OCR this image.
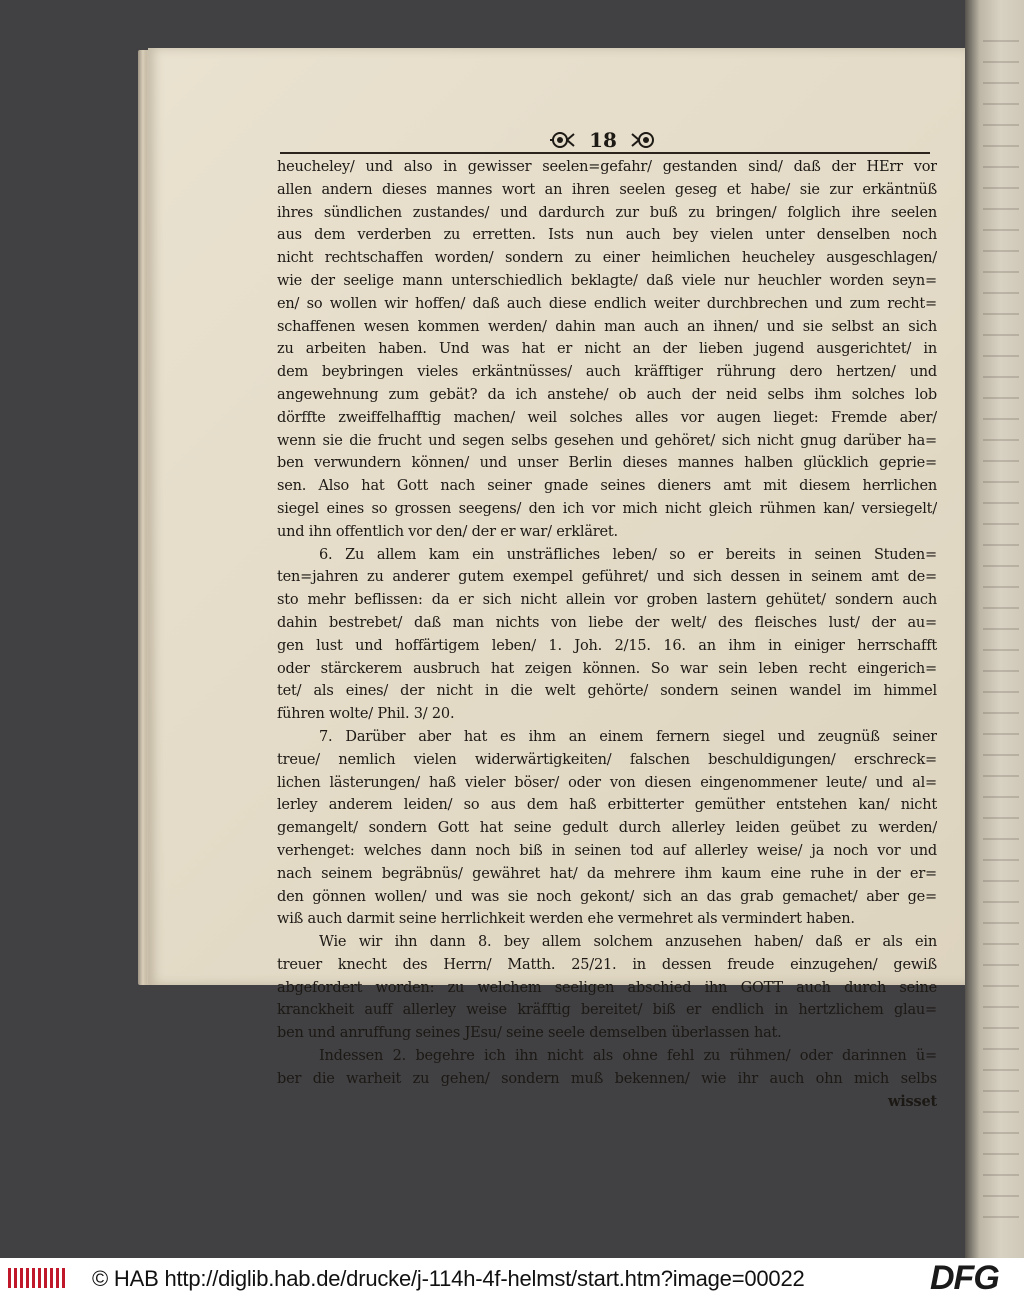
18
heucheley/ und also in gewisser seelen=gefahr/ gestanden sind/ daß der HErr vor
allen andern dieses mannes wort an ihren seelen geseg et habe/ sie zur erkäntnüß
ihres sündlichen zustandes/ und dardurch zur buß zu bringen/ folglich ihre seelen
aus dem verderben zu erretten. Ists nun auch bey vielen unter denselben noch
nicht rechtschaffen worden/ sondern zu einer heimlichen heucheley ausgeschlagen/
wie der seelige mann unterschiedlich beklagte/ daß viele nur heuchler worden seyn=
en/ so wollen wir hoffen/ daß auch diese endlich weiter durchbrechen und zum recht=
schaffenen wesen kommen werden/ dahin man auch an ihnen/ und sie selbst an sich
zu arbeiten haben. Und was hat er nicht an der lieben jugend ausgerichtet/ in
dem beybringen vieles erkäntnüsses/ auch kräfftiger rührung dero hertzen/ und
angewehnung zum gebät? da ich anstehe/ ob auch der neid selbs ihm solches lob
dörffte zweiffelhafftig machen/ weil solches alles vor augen lieget: Fremde aber/
wenn sie die frucht und segen selbs gesehen und gehöret/ sich nicht gnug darüber ha=
ben verwundern können/ und unser Berlin dieses mannes halben glücklich geprie=
sen. Also hat Gott nach seiner gnade seines dieners amt mit diesem herrlichen
siegel eines so grossen seegens/ den ich vor mich nicht gleich rühmen kan/ versiegelt/
und ihn offentlich vor den/ der er war/ erkläret.
6. Zu allem kam ein unsträfliches leben/ so er bereits in seinen Studen=
ten=jahren zu anderer gutem exempel geführet/ und sich dessen in seinem amt de=
sto mehr beflissen: da er sich nicht allein vor groben lastern gehütet/ sondern auch
dahin bestrebet/ daß man nichts von liebe der welt/ des fleisches lust/ der au=
gen lust und hoffärtigem leben/ 1. Joh. 2/15. 16. an ihm in einiger herrschafft
oder stärckerem ausbruch hat zeigen können. So war sein leben recht eingerich=
tet/ als eines/ der nicht in die welt gehörte/ sondern seinen wandel im himmel
führen wolte/ Phil. 3/ 20.
7. Darüber aber hat es ihm an einem fernern siegel und zeugnüß seiner
treue/ nemlich vielen widerwärtigkeiten/ falschen beschuldigungen/ erschreck=
lichen lästerungen/ haß vieler böser/ oder von diesen eingenommener leute/ und al=
lerley anderem leiden/ so aus dem haß erbitterter gemüther entstehen kan/ nicht
gemangelt/ sondern Gott hat seine gedult durch allerley leiden geübet zu werden/
verhenget: welches dann noch biß in seinen tod auf allerley weise/ ja noch vor und
nach seinem begräbnüs/ gewähret hat/ da mehrere ihm kaum eine ruhe in der er=
den gönnen wollen/ und was sie noch gekont/ sich an das grab gemachet/ aber ge=
wiß auch darmit seine herrlichkeit werden ehe vermehret als vermindert haben.
Wie wir ihn dann 8. bey allem solchem anzusehen haben/ daß er als ein
treuer knecht des Herrn/ Matth. 25/21. in dessen freude einzugehen/ gewiß
abgefordert worden: zu welchem seeligen abschied ihn GOTT auch durch seine
kranckheit auff allerley weise kräfftig bereitet/ biß er endlich in hertzlichem glau=
ben und anruffung seines JEsu/ seine seele demselben überlassen hat.
Indessen 2. begehre ich ihn nicht als ohne fehl zu rühmen/ oder darinnen ü=
ber die warheit zu gehen/ sondern muß bekennen/ wie ihr auch ohn mich selbs
wisset
© HAB http://diglib.hab.de/drucke/j-114h-4f-helmst/start.htm?image=00022	DFG
